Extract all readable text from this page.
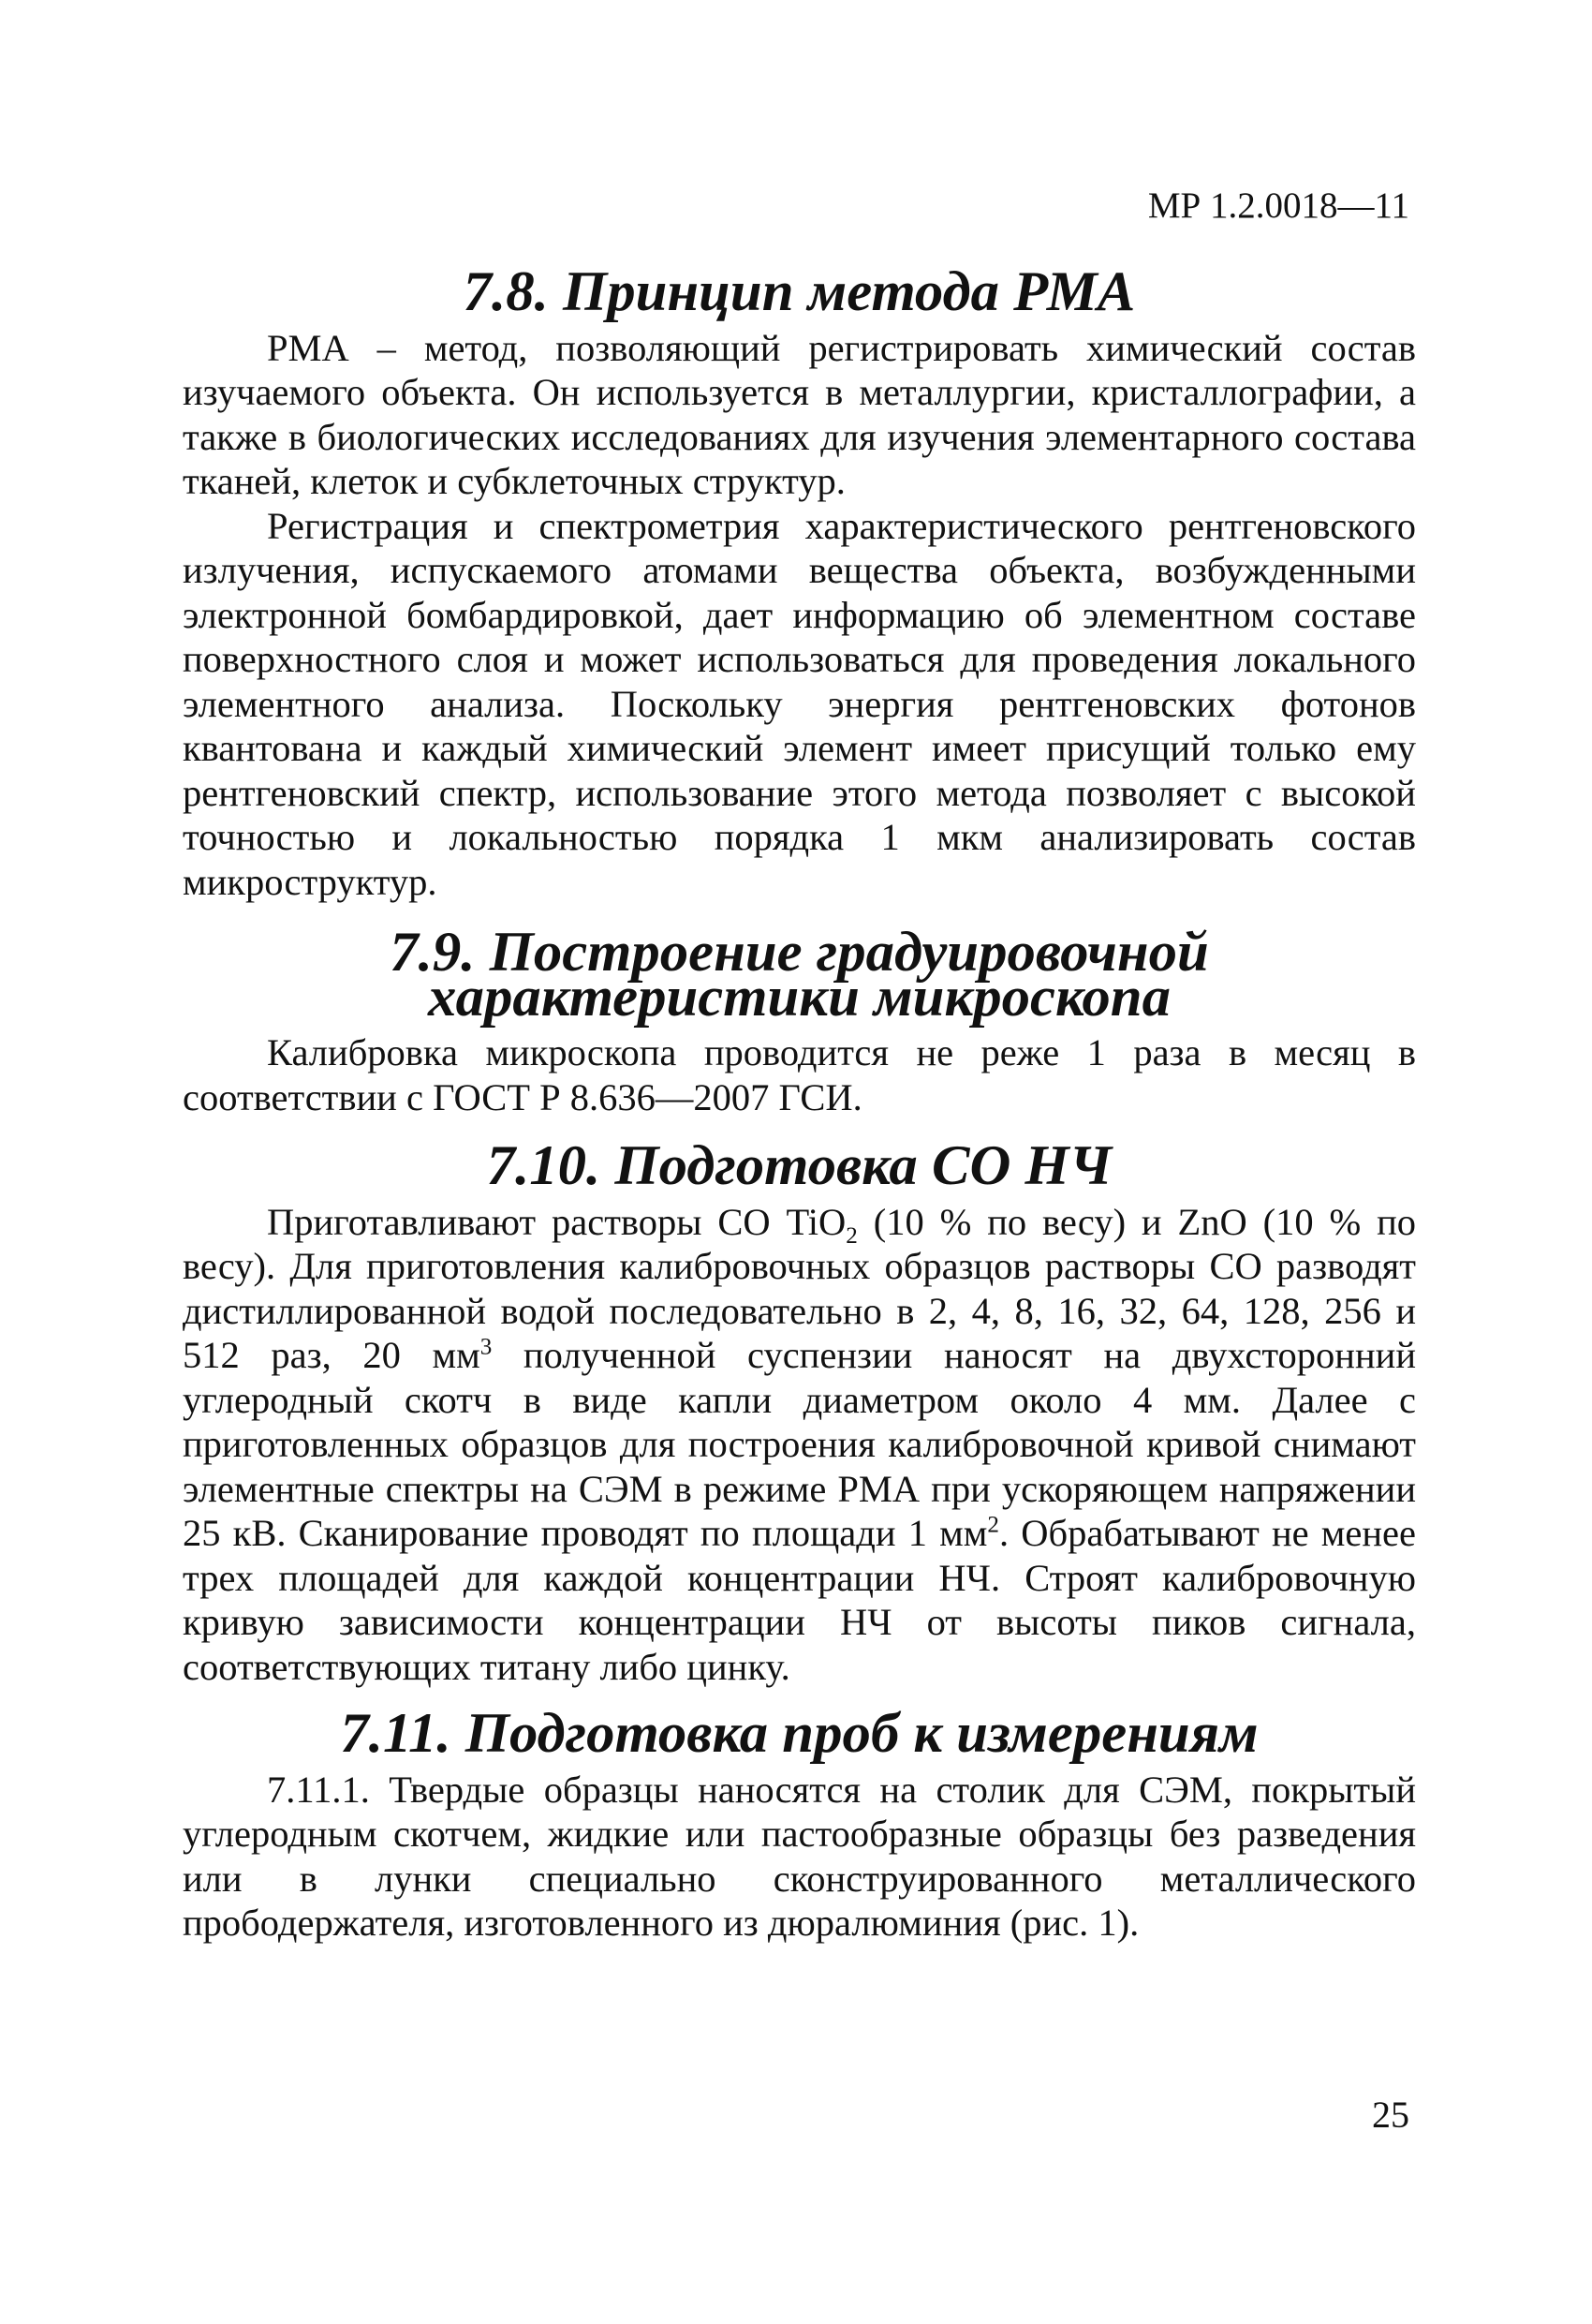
МР 1.2.0018—11
7.8. Принцип метода РМА

РМА – метод, позволяющий регистрировать химический состав изучаемого объекта. Он используется в металлургии, кристаллографии, а также в биологических исследованиях для изучения элементарного состава тканей, клеток и субклеточных структур.

Регистрация и спектрометрия характеристического рентгеновского излучения, испускаемого атомами вещества объекта, возбужденными электронной бомбардировкой, дает информацию об элементном составе поверхностного слоя и может использоваться для проведения локального элементного анализа. Поскольку энергия рентгеновских фотонов квантована и каждый химический элемент имеет присущий только ему рентгеновский спектр, использование этого метода позволяет с высокой точностью и локальностью порядка 1 мкм анализировать состав микроструктур.

7.9. Построение градуировочной характеристики микроскопа

Калибровка микроскопа проводится не реже 1 раза в месяц в соответствии с ГОСТ Р 8.636—2007 ГСИ.

7.10. Подготовка СО НЧ

Приготавливают растворы СО TiO$_2$ (10 % по весу) и ZnO (10 % по весу). Для приготовления калибровочных образцов растворы СО разводят дистиллированной водой последовательно в 2, 4, 8, 16, 32, 64, 128, 256 и 512 раз, 20 $мм^3$ полученной суспензии наносят на двухсторонний углеродный скотч в виде капли диаметром около 4 мм. Далее с приготовленных образцов для построения калибровочной кривой снимают элементные спектры на СЭМ в режиме РМА при ускоряющем напряжении 25 кВ. Сканирование проводят по площади 1 $мм^2$. Обрабатывают не менее трех площадей для каждой концентрации НЧ. Строят калибровочную кривую зависимости концентрации НЧ от высоты пиков сигнала, соответствующих титану либо цинку.

7.11. Подготовка проб к измерениям

7.11.1. Твердые образцы наносятся на столик для СЭМ, покрытый углеродным скотчем, жидкие или пастообразные образцы без разведения или в лунки специально сконструированного металлического прободержателя, изготовленного из дюралюминия (рис. 1).

25
